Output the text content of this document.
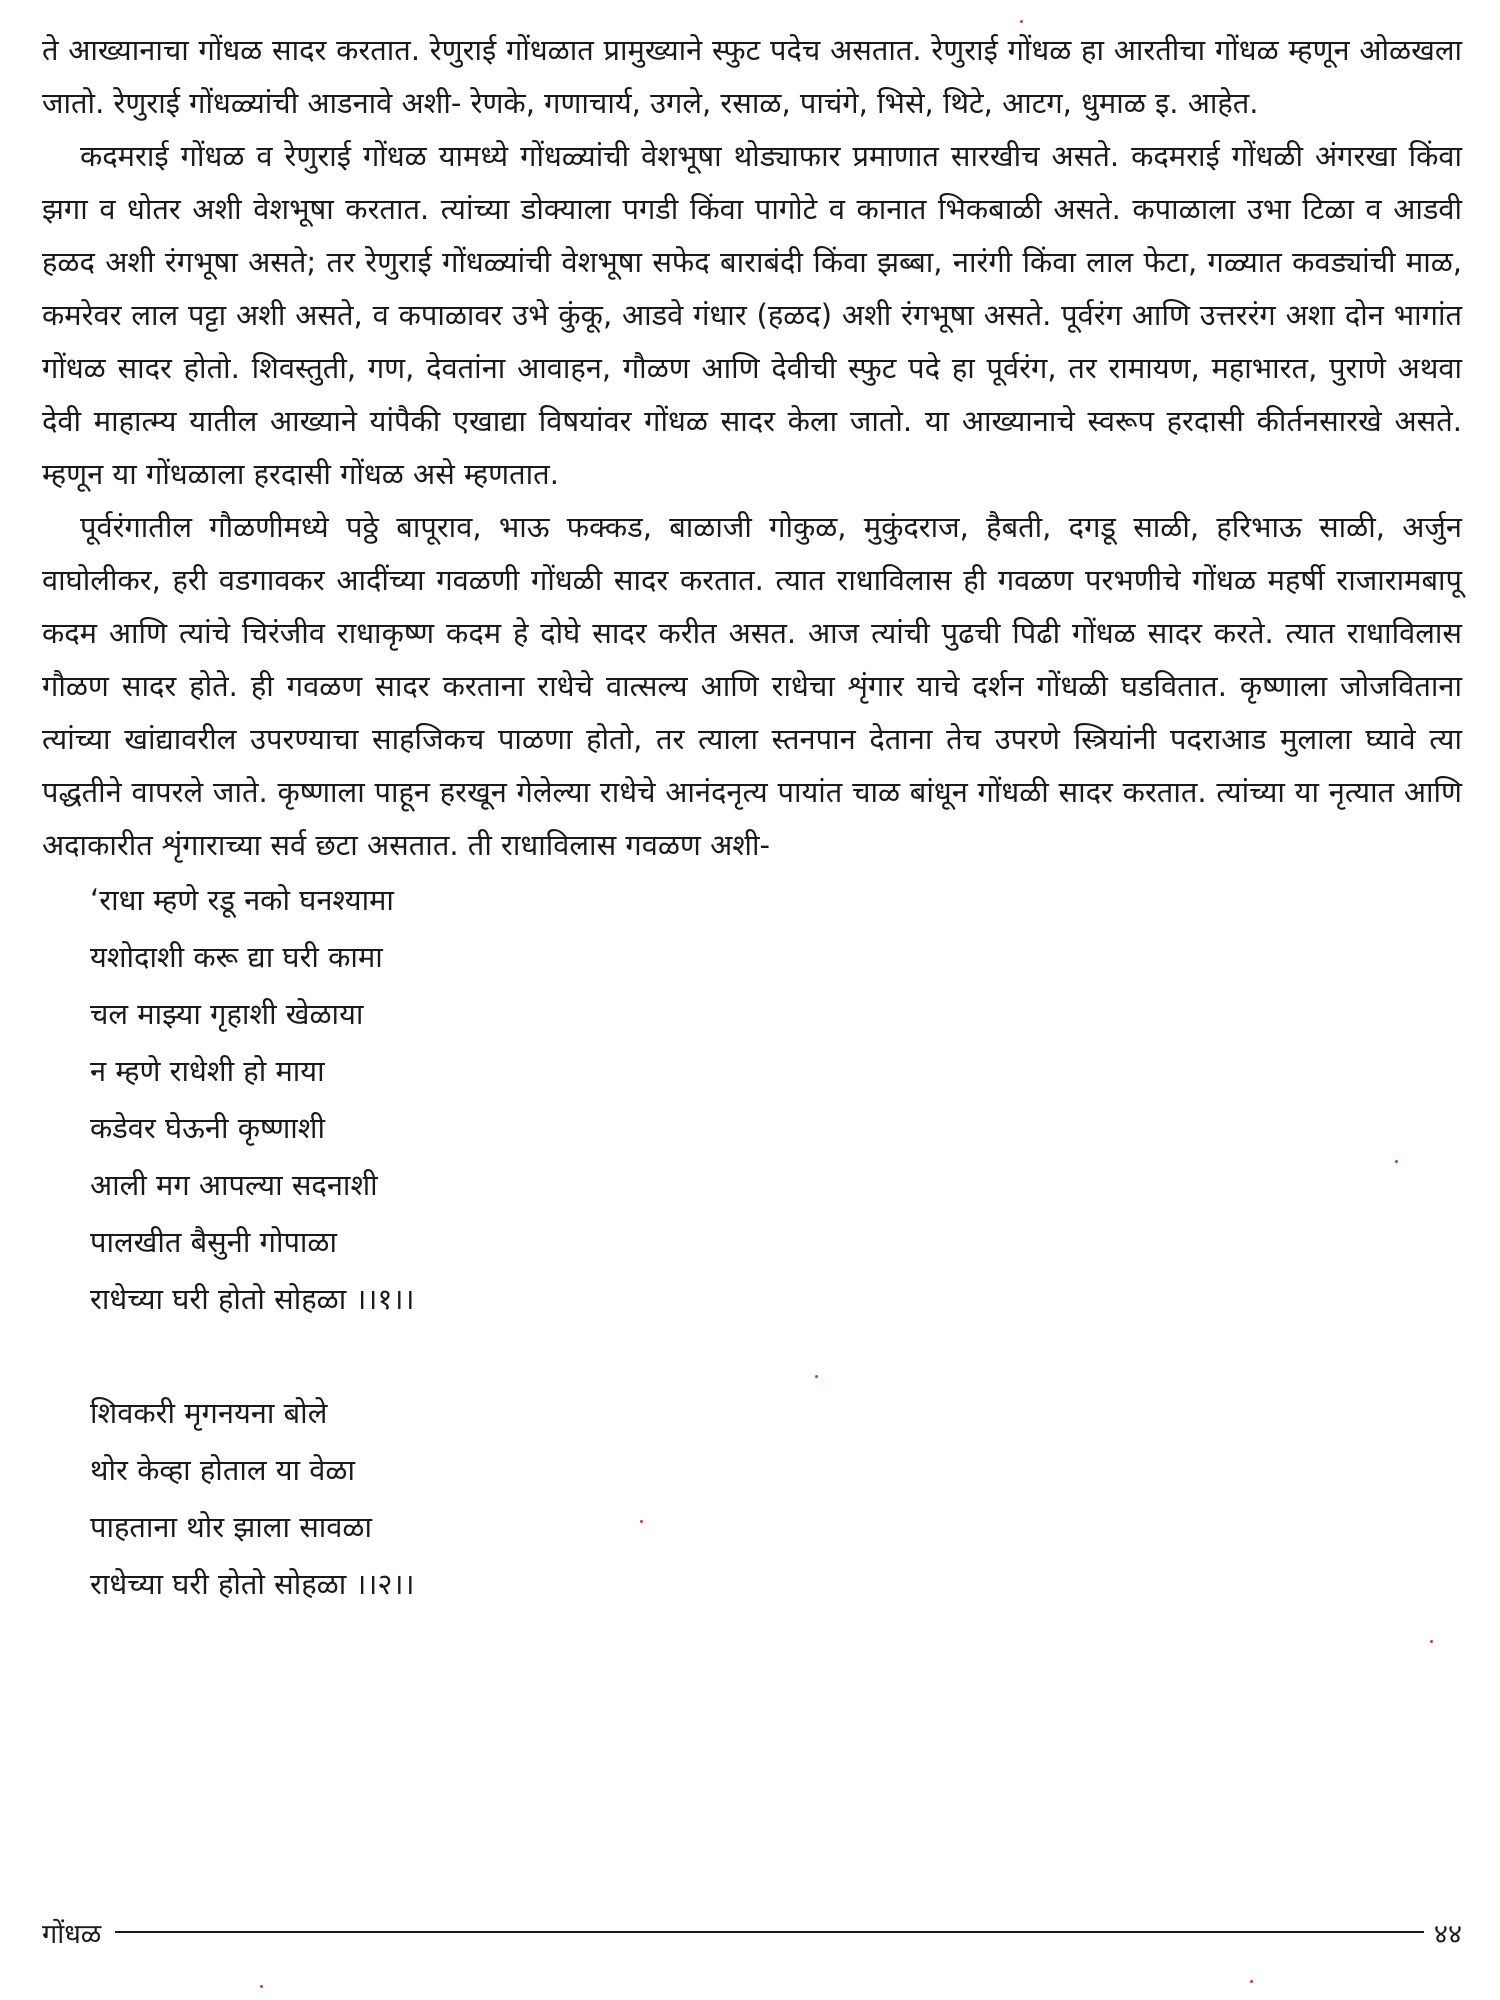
ते आख्यानाचा गोंधळ सादर करतात. रेणुराई गोंधळात प्रामुख्याने स्फुट पदेच असतात. रेणुराई गोंधळ हा आरतीचा गोंधळ म्हणून ओळखला जातो. रेणुराई गोंधळ्यांची आडनावे अशी- रेणके, गणाचार्य, उगले, रसाळ, पाचंगे, भिसे, थिटे, आटग, धुमाळ इ. आहेत.

कदमराई गोंधळ व रेणुराई गोंधळ यामध्ये गोंधळ्यांची वेशभूषा थोड्याफार प्रमाणात सारखीच असते. कदमराई गोंधळी अंगरखा किंवा झगा व धोतर अशी वेशभूषा करतात. त्यांच्या डोक्याला पगडी किंवा पागोटे व कानात भिकबाळी असते. कपाळाला उभा टिळा व आडवी हळद अशी रंगभूषा असते; तर रेणुराई गोंधळ्यांची वेशभूषा सफेद बाराबंदी किंवा झब्बा, नारंगी किंवा लाल फेटा, गळ्यात कवड्यांची माळ, कमरेवर लाल पट्टा अशी असते, व कपाळावर उभे कुंकू, आडवे गंधार (हळद) अशी रंगभूषा असते. पूर्वरंग आणि उत्तररंग अशा दोन भागांत गोंधळ सादर होतो. शिवस्तुती, गण, देवतांना आवाहन, गौळण आणि देवीची स्फुट पदे हा पूर्वरंग, तर रामायण, महाभारत, पुराणे अथवा देवी माहात्म्य यातील आख्याने यांपैकी एखाद्या विषयांवर गोंधळ सादर केला जातो. या आख्यानाचे स्वरूप हरदासी कीर्तनसारखे असते. म्हणून या गोंधळाला हरदासी गोंधळ असे म्हणतात.

पूर्वरंगातील गौळणीमध्ये पठ्ठे बापूराव, भाऊ फक्कड, बाळाजी गोकुळ, मुकुंदराज, हैबती, दगडू साळी, हरिभाऊ साळी, अर्जुन वाघोलीकर, हरी वडगावकर आदींच्या गवळणी गोंधळी सादर करतात. त्यात राधाविलास ही गवळण परभणीचे गोंधळ महर्षी राजारामबापू कदम आणि त्यांचे चिरंजीव राधाकृष्ण कदम हे दोघे सादर करीत असत. आज त्यांची पुढची पिढी गोंधळ सादर करते. त्यात राधाविलास गौळण सादर होते. ही गवळण सादर करताना राधेचे वात्सल्य आणि राधेचा शृंगार याचे दर्शन गोंधळी घडवितात. कृष्णाला जोजविताना त्यांच्या खांद्यावरील उपरण्याचा साहजिकच पाळणा होतो, तर त्याला स्तनपान देताना तेच उपरणे स्त्रियांनी पदराआड मुलाला घ्यावे त्या पद्धतीने वापरले जाते. कृष्णाला पाहून हरखून गेलेल्या राधेचे आनंदनृत्य पायांत चाळ बांधून गोंधळी सादर करतात. त्यांच्या या नृत्यात आणि अदाकारीत शृंगाराच्या सर्व छटा असतात. ती राधाविलास गवळण अशी-

‘राधा म्हणे रडू नको घनश्यामा
यशोदाशी करू द्या घरी कामा
चल माझ्या गृहाशी खेळाया
न म्हणे राधेशी हो माया
कडेवर घेऊनी कृष्णाशी
आली मग आपल्या सदनाशी
पालखीत बैसुनी गोपाळा
राधेच्या घरी होतो सोहळा ।।१।।
शिवकरी मृगनयना बोले
थोर केव्हा होताल या वेळा
पाहताना थोर झाला सावळा
राधेच्या घरी होतो सोहळा ।।२।।
गोंधळ	४४
